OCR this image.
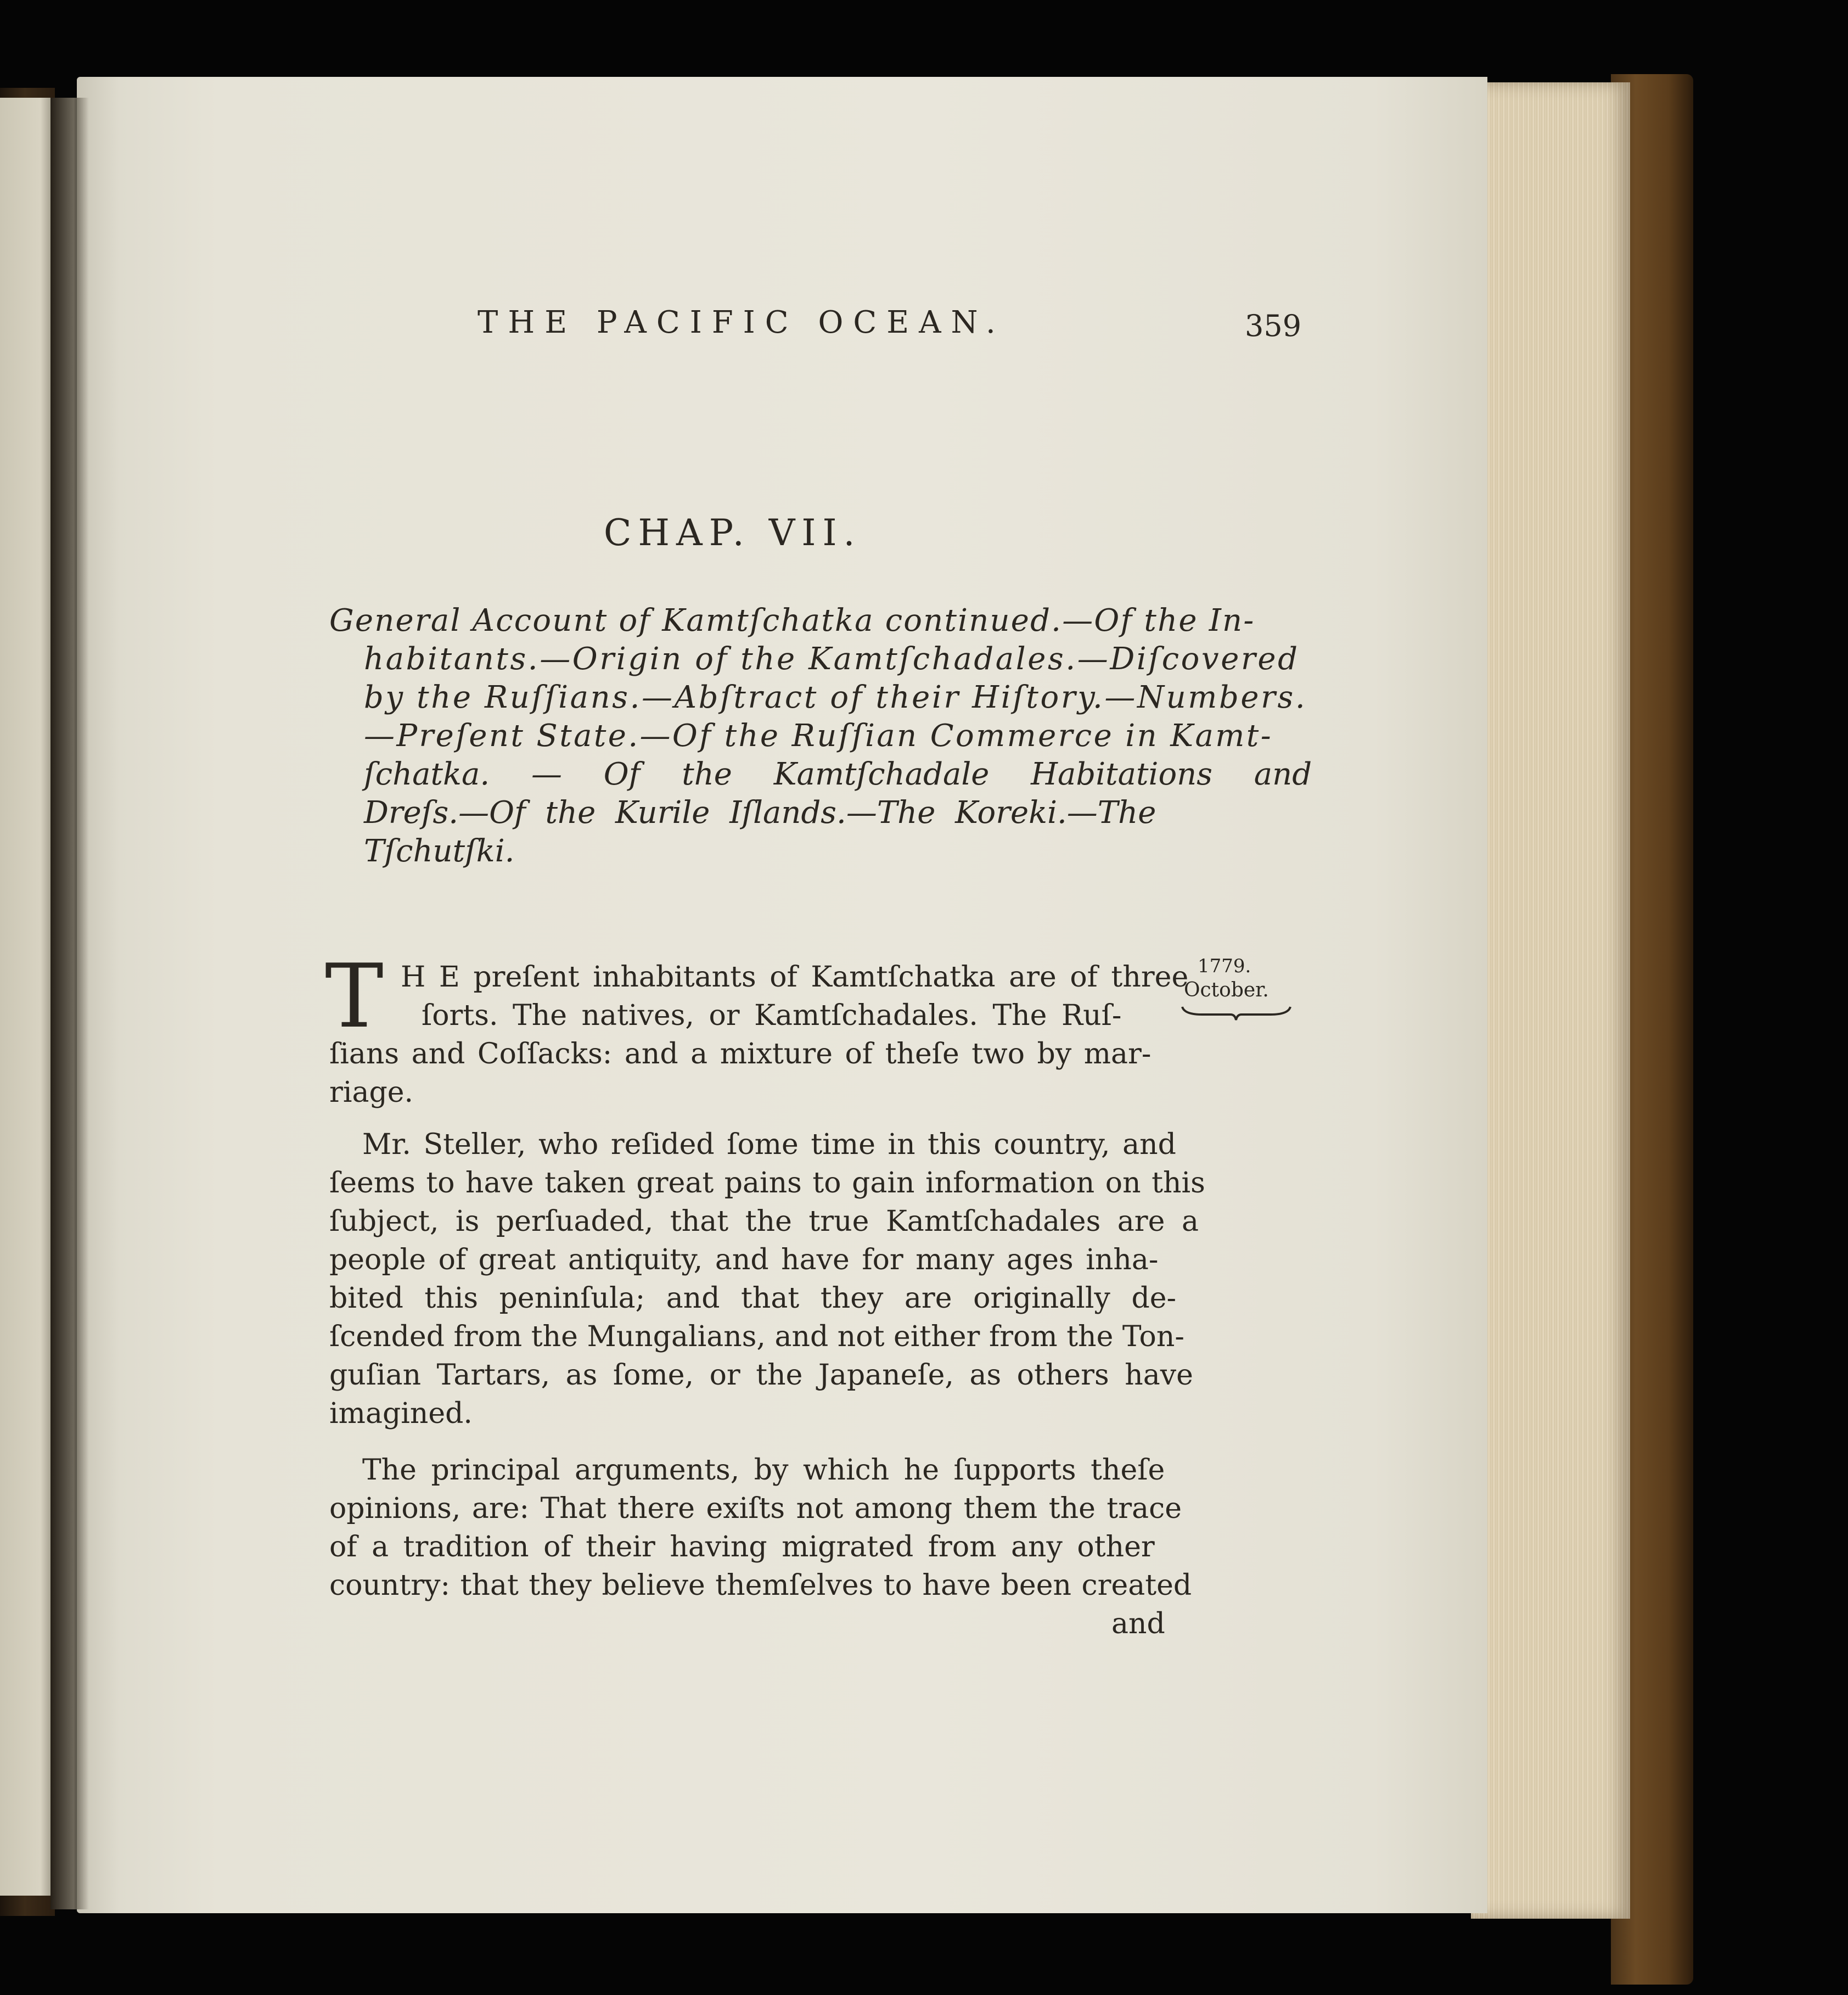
THE PACIFIC OCEAN.	359
CHAP. VII.
General Account of Kamtſchatka continued.—Of the In-
habitants.—Origin of the Kamtſchadales.—Diſcovered
by the Ruſſians.—Abſtract of their Hiſtory.—Numbers.
—Preſent State.—Of the Ruſſian Commerce in Kamt-
ſchatka. — Of the Kamtſchadale Habitations and
Dreſs.—Of the Kurile Iſlands.—The Koreki.—The
Tſchutſki.
1779.
October.
T H E preſent inhabitants of Kamtſchatka are of three
ſorts. The natives, or Kamtſchadales. The Ruſ-
ſians and Coſſacks: and a mixture of theſe two by mar-
riage.
Mr. Steller, who reſided ſome time in this country, and
ſeems to have taken great pains to gain information on this
ſubject, is perſuaded, that the true Kamtſchadales are a
people of great antiquity, and have for many ages inha-
bited this peninſula; and that they are originally de-
ſcended from the Mungalians, and not either from the Ton-
guſian Tartars, as ſome, or the Japaneſe, as others have
imagined.
The principal arguments, by which he ſupports theſe
opinions, are: That there exiſts not among them the trace
of a tradition of their having migrated from any other
country: that they believe themſelves to have been created
and
